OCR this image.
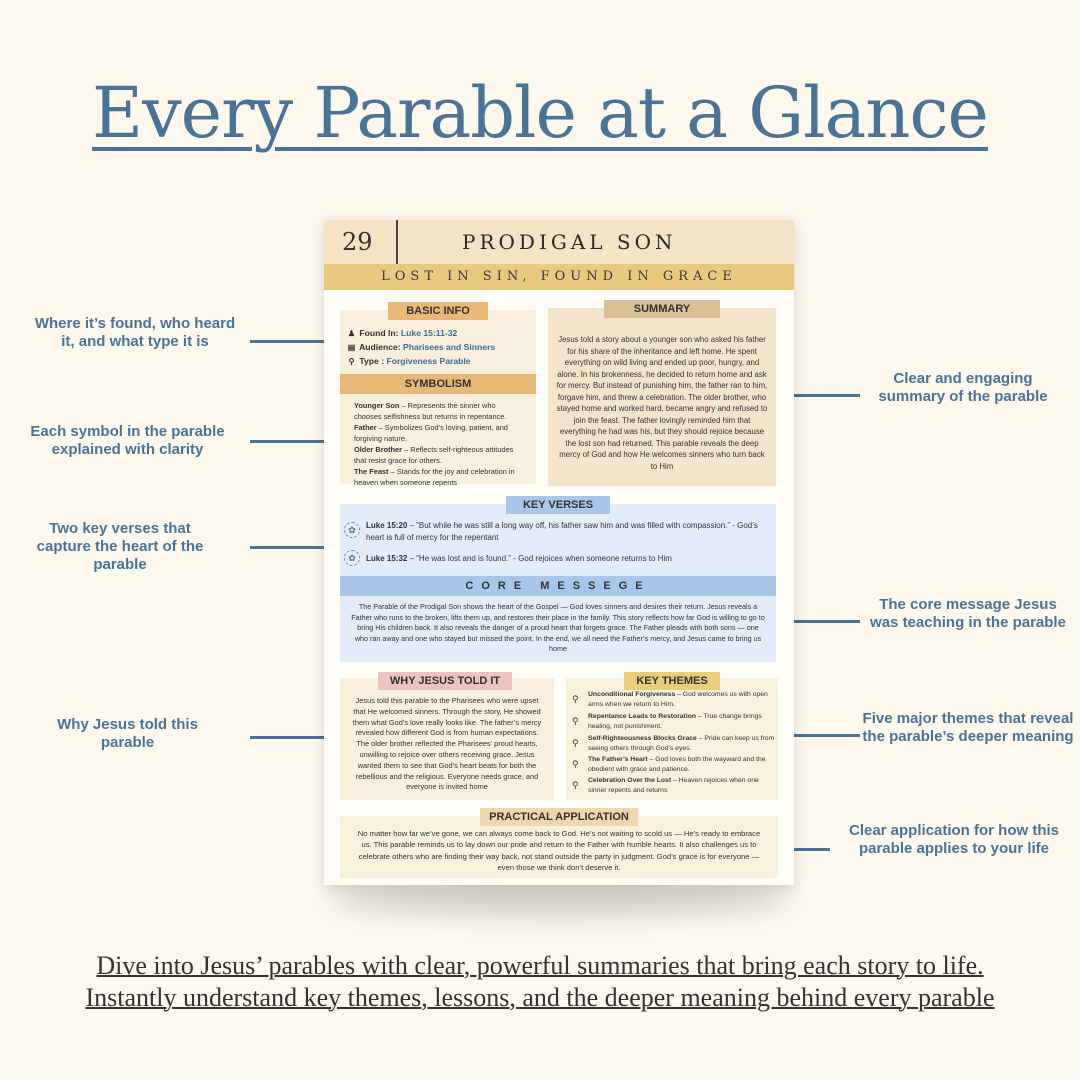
Every Parable at a Glance
Where it’s found, who heard it, and what type it is
Each symbol in the parable explained with clarity
Two key verses that capture the heart of the parable
Why Jesus told this parable
Clear and engaging summary of the parable
The core message Jesus was teaching in the parable
Five major themes that reveal the parable’s deeper meaning
Clear application for how this parable applies to your life
29	PRODIGAL SON
LOST IN SIN, FOUND IN GRACE
BASIC INFO
♟ Found In: Luke 15:11-32
▤ Audience: Pharisees and Sinners
⚲ Type : Forgiveness Parable
SYMBOLISM
Younger Son – Represents the sinner who chooses selfishness but returns in repentance.
Father – Symbolizes God’s loving, patient, and forgiving nature.
Older Brother – Reflects self-righteous attitudes that resist grace for others.
The Feast – Stands for the joy and celebration in heaven when someone repents
SUMMARY
Jesus told a story about a younger son who asked his father for his share of the inheritance and left home. He spent everything on wild living and ended up poor, hungry, and alone. In his brokenness, he decided to return home and ask for mercy. But instead of punishing him, the father ran to him, forgave him, and threw a celebration. The older brother, who stayed home and worked hard, became angry and refused to join the feast. The father lovingly reminded him that everything he had was his, but they should rejoice because the lost son had returned. This parable reveals the deep mercy of God and how He welcomes sinners who turn back to Him
KEY VERSES
✿	Luke 15:20 – “But while he was still a long way off, his father saw him and was filled with compassion.” - God’s heart is full of mercy for the repentant
✿	Luke 15:32 – “He was lost and is found.” - God rejoices when someone returns to Him
CORE MESSEGE
The Parable of the Prodigal Son shows the heart of the Gospel — God loves sinners and desires their return. Jesus reveals a Father who runs to the broken, lifts them up, and restores their place in the family. This story reflects how far God is willing to go to bring His children back. It also reveals the danger of a proud heart that forgets grace. The Father pleads with both sons — one who ran away and one who stayed but missed the point. In the end, we all need the Father’s mercy, and Jesus came to bring us home
WHY JESUS TOLD IT
Jesus told this parable to the Pharisees who were upset that He welcomed sinners. Through the story, He showed them what God’s love really looks like. The father’s mercy revealed how different God is from human expectations. The older brother reflected the Pharisees’ proud hearts, unwilling to rejoice over others receiving grace. Jesus wanted them to see that God’s heart beats for both the rebellious and the religious. Everyone needs grace, and everyone is invited home
KEY THEMES
⚲ Unconditional Forgiveness – God welcomes us with open arms when we return to Him.
⚲ Repentance Leads to Restoration – True change brings healing, not punishment.
⚲ Self-Righteousness Blocks Grace – Pride can keep us from seeing others through God’s eyes.
⚲ The Father’s Heart – God loves both the wayward and the obedient with grace and patience.
⚲ Celebration Over the Lost – Heaven rejoices when one sinner repents and returns
PRACTICAL APPLICATION
No matter how far we’ve gone, we can always come back to God. He’s not waiting to scold us — He’s ready to embrace us. This parable reminds us to lay down our pride and return to the Father with humble hearts. It also challenges us to celebrate others who are finding their way back, not stand outside the party in judgment. God’s grace is for everyone — even those we think don’t deserve it.
Dive into Jesus’ parables with clear, powerful summaries that bring each story to life. Instantly understand key themes, lessons, and the deeper meaning behind every parable
